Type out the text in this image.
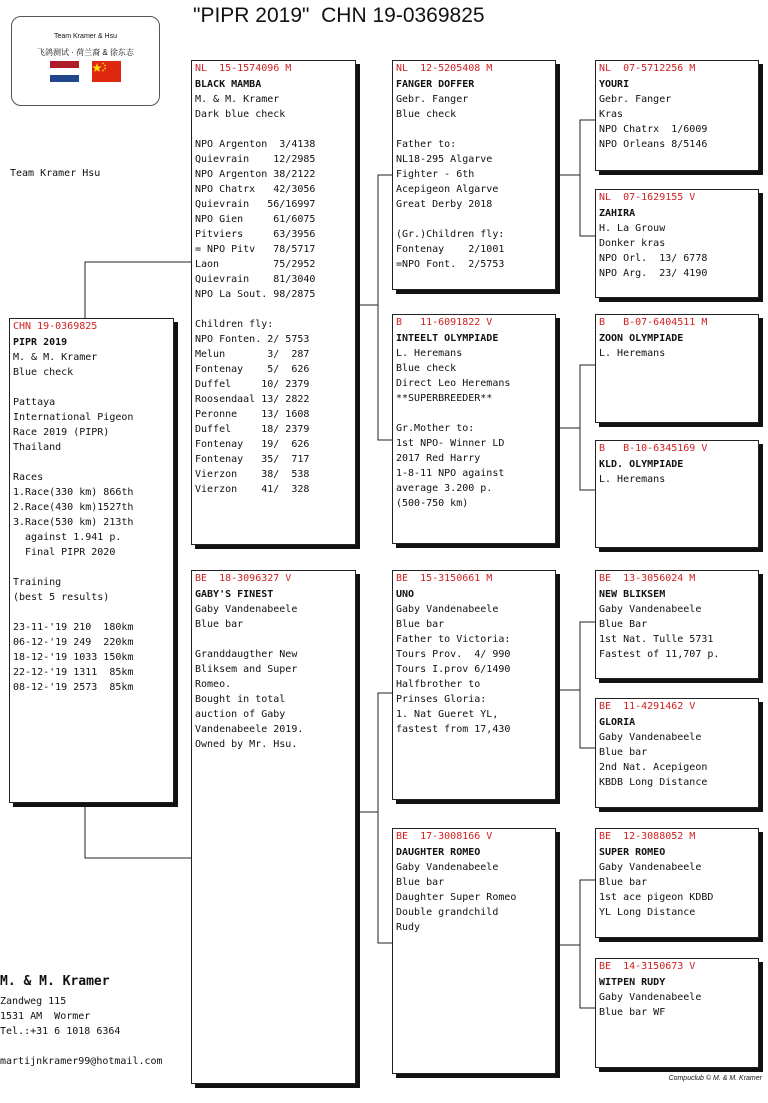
"PIPR 2019"  CHN 19-0369825
Team Kramer & Hsu
飞鸽测试 · 荷兰裔 & 徐东志
Team Kramer Hsu
CHN 19-0369825
PIPR 2019
M. & M. Kramer
Blue check
Pattaya
International Pigeon
Race 2019 (PIPR)
Thailand
Races
1.Race(330 km) 866th
2.Race(430 km)1527th
3.Race(530 km) 213th
against 1.941 p.
Final PIPR 2020
Training
(best 5 results)
23-11-'19 210  180km
06-12-'19 249  220km
18-12-'19 1033 150km
22-12-'19 1311  85km
08-12-'19 2573  85km
NL  15-1574096 M
BLACK MAMBA
M. & M. Kramer
Dark blue check
NPO Argenton  3/4138
Quievrain    12/2985
NPO Argenton 38/2122
NPO Chatrx   42/3056
Quievrain   56/16997
NPO Gien     61/6075
Pitviers     63/3956
= NPO Pitv   78/5717
Laon         75/2952
Quievrain    81/3040
NPO La Sout. 98/2875
Children fly:
NPO Fonten. 2/ 5753
Melun       3/  287
Fontenay    5/  626
Duffel     10/ 2379
Roosendaal 13/ 2822
Peronne    13/ 1608
Duffel     18/ 2379
Fontenay   19/  626
Fontenay   35/  717
Vierzon    38/  538
Vierzon    41/  328
BE  18-3096327 V
GABY'S FINEST
Gaby Vandenabeele
Blue bar
Granddaugther New
Bliksem and Super
Romeo.
Bought in total
auction of Gaby
Vandenabeele 2019.
Owned by Mr. Hsu.
NL  12-5205408 M
FANGER DOFFER
Gebr. Fanger
Blue check
Father to:
NL18-295 Algarve
Fighter - 6th
Acepigeon Algarve
Great Derby 2018
(Gr.)Children fly:
Fontenay    2/1001
=NPO Font.  2/5753
B   11-6091822 V
INTEELT OLYMPIADE
L. Heremans
Blue check
Direct Leo Heremans
**SUPERBREEDER**
Gr.Mother to:
1st NPO- Winner LD
2017 Red Harry
1-8-11 NPO against
average 3.200 p.
(500-750 km)
BE  15-3150661 M
UNO
Gaby Vandenabeele
Blue bar
Father to Victoria:
Tours Prov.  4/ 990
Tours I.prov 6/1490
Halfbrother to
Prinses Gloria:
1. Nat Gueret YL,
fastest from 17,430
BE  17-3008166 V
DAUGHTER ROMEO
Gaby Vandenabeele
Blue bar
Daughter Super Romeo
Double grandchild
Rudy
NL  07-5712256 M
YOURI
Gebr. Fanger
Kras
NPO Chatrx  1/6009
NPO Orleans 8/5146
NL  07-1629155 V
ZAHIRA
H. La Grouw
Donker kras
NPO Orl.  13/ 6778
NPO Arg.  23/ 4190
B   B-07-6404511 M
ZOON OLYMPIADE
L. Heremans
B   B-10-6345169 V
KLD. OLYMPIADE
L. Heremans
BE  13-3056024 M
NEW BLIKSEM
Gaby Vandenabeele
Blue Bar
1st Nat. Tulle 5731
Fastest of 11,707 p.
BE  11-4291462 V
GLORIA
Gaby Vandenabeele
Blue bar
2nd Nat. Acepigeon
KBDB Long Distance
BE  12-3088052 M
SUPER ROMEO
Gaby Vandenabeele
Blue bar
1st ace pigeon KDBD
YL Long Distance
BE  14-3150673 V
WITPEN RUDY
Gaby Vandenabeele
Blue bar WF
M. & M. Kramer
Zandweg 115
1531 AM  Wormer
Tel.:+31 6 1018 6364
martijnkramer99@hotmail.com
Compuclub © M. & M. Kramer
